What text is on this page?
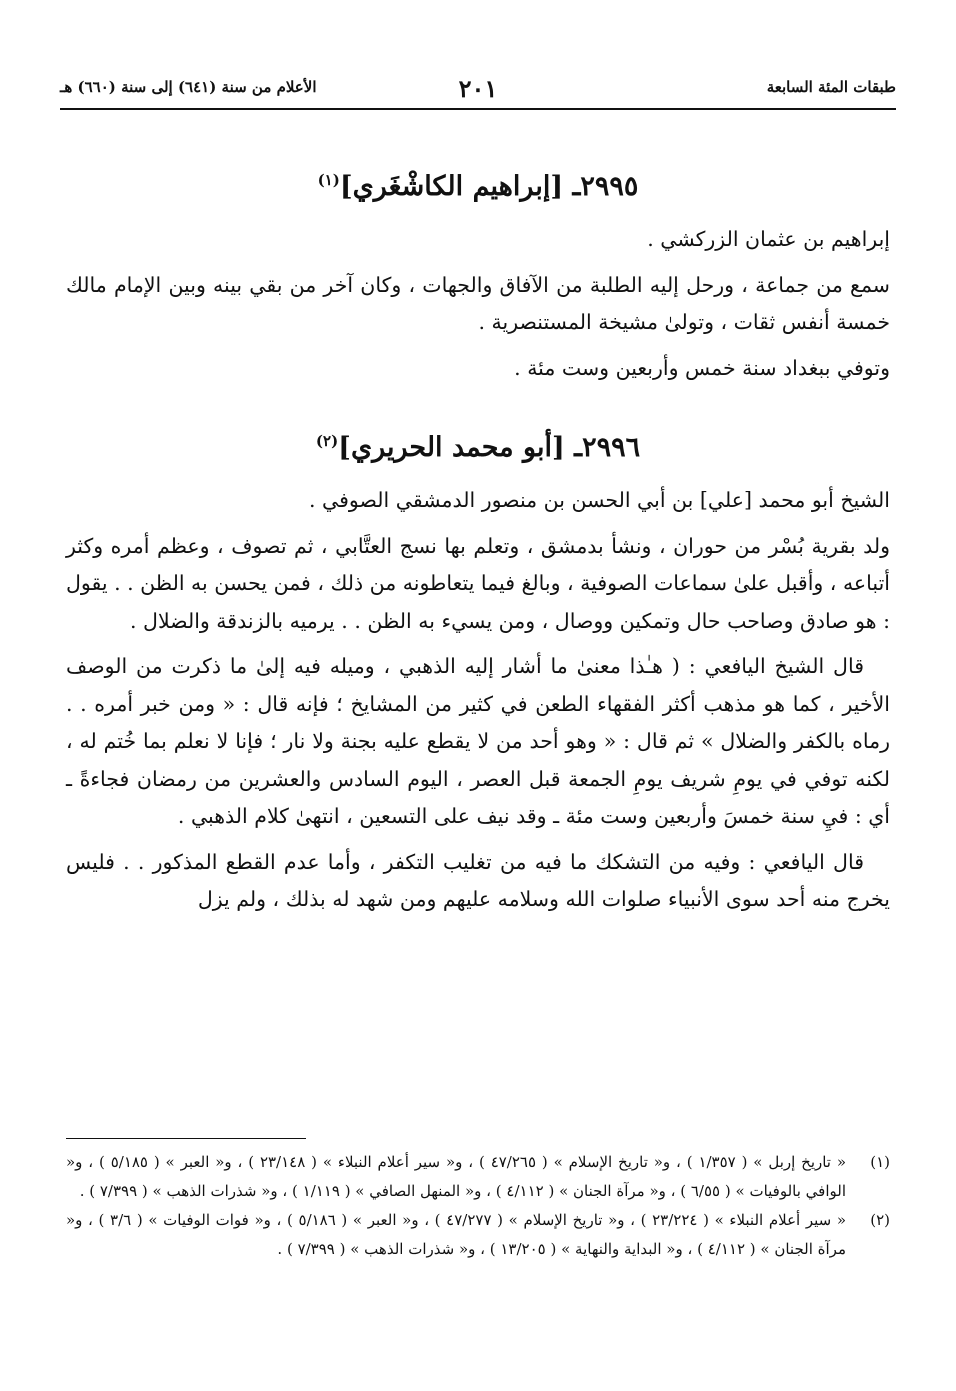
طبقات المئة السابعة
٢٠١
الأعلام من سنة (٦٤١) إلى سنة (٦٦٠) هـ
٢٩٩٥ـ [إبراهيم الكاشْغَري]$^{(١)}$

إبراهيم بن عثمان الزركشي .

سمع من جماعة ، ورحل إليه الطلبة من الآفاق والجهات ، وكان آخر من بقي بينه وبين الإمام مالك خمسة أنفس ثقات ، وتولىٰ مشيخة المستنصرية .

وتوفي ببغداد سنة خمس وأربعين وست مئة .

٢٩٩٦ـ [أبو محمد الحريري]$^{(٢)}$

الشيخ أبو محمد [علي] بن أبي الحسن بن منصور الدمشقي الصوفي .

ولد بقرية بُسْر من حوران ، ونشأ بدمشق ، وتعلم بها نسج العتَّابي ، ثم تصوف ، وعظم أمره وكثر أتباعه ، وأقبل علىٰ سماعات الصوفية ، وبالغ فيما يتعاطونه من ذلك ، فمن يحسن به الظن . . يقول : هو صادق وصاحب حال وتمكين ووصال ، ومن يسيء به الظن . . يرميه بالزندقة والضلال .

قال الشيخ اليافعي : ( هـٰذا معنىٰ ما أشار إليه الذهبي ، وميله فيه إلىٰ ما ذكرت من الوصف الأخير ، كما هو مذهب أكثر الفقهاء الطعن في كثير من المشايخ ؛ فإنه قال : « ومن خبر أمره . . رماه بالكفر والضلال » ثم قال : « وهو أحد من لا يقطع عليه بجنة ولا نار ؛ فإنا لا نعلم بما خُتم له ، لكنه توفي في يومِ شريف يومِ الجمعة قبل العصر ، اليوم السادس والعشرين من رمضان فجاءةً ـ أي : فيِ سنة خمسَ وأربعين وست مئة ـ وقد نيف على التسعين ، انتهىٰ كلام الذهبي .

قال اليافعي : وفيه من التشكك ما فيه من تغليب التكفر ، وأما عدم القطع المذكور . . فليس يخرج منه أحد سوى الأنبياء صلوات الله وسلامه عليهم ومن شهد له بذلك ، ولم يزل

(١)
« تاريخ إربل » ( ١/٣٥٧ ) ، و« تاريخ الإسلام » ( ٤٧/٢٦٥ ) ، و« سير أعلام النبلاء » ( ٢٣/١٤٨ ) ، و« العبر » ( ٥/١٨٥ ) ، و« الوافي بالوفيات » ( ٦/٥٥ ) ، و« مرآة الجنان » ( ٤/١١٢ ) ، و« المنهل الصافي » ( ١/١١٩ ) ، و« شذرات الذهب » ( ٧/٣٩٩ ) .
(٢)
« سير أعلام النبلاء » ( ٢٣/٢٢٤ ) ، و« تاريخ الإسلام » ( ٤٧/٢٧٧ ) ، و« العبر » ( ٥/١٨٦ ) ، و« فوات الوفيات » ( ٣/٦ ) ، و« مرآة الجنان » ( ٤/١١٢ ) ، و« البداية والنهاية » ( ١٣/٢٠٥ ) ، و« شذرات الذهب » ( ٧/٣٩٩ ) .
